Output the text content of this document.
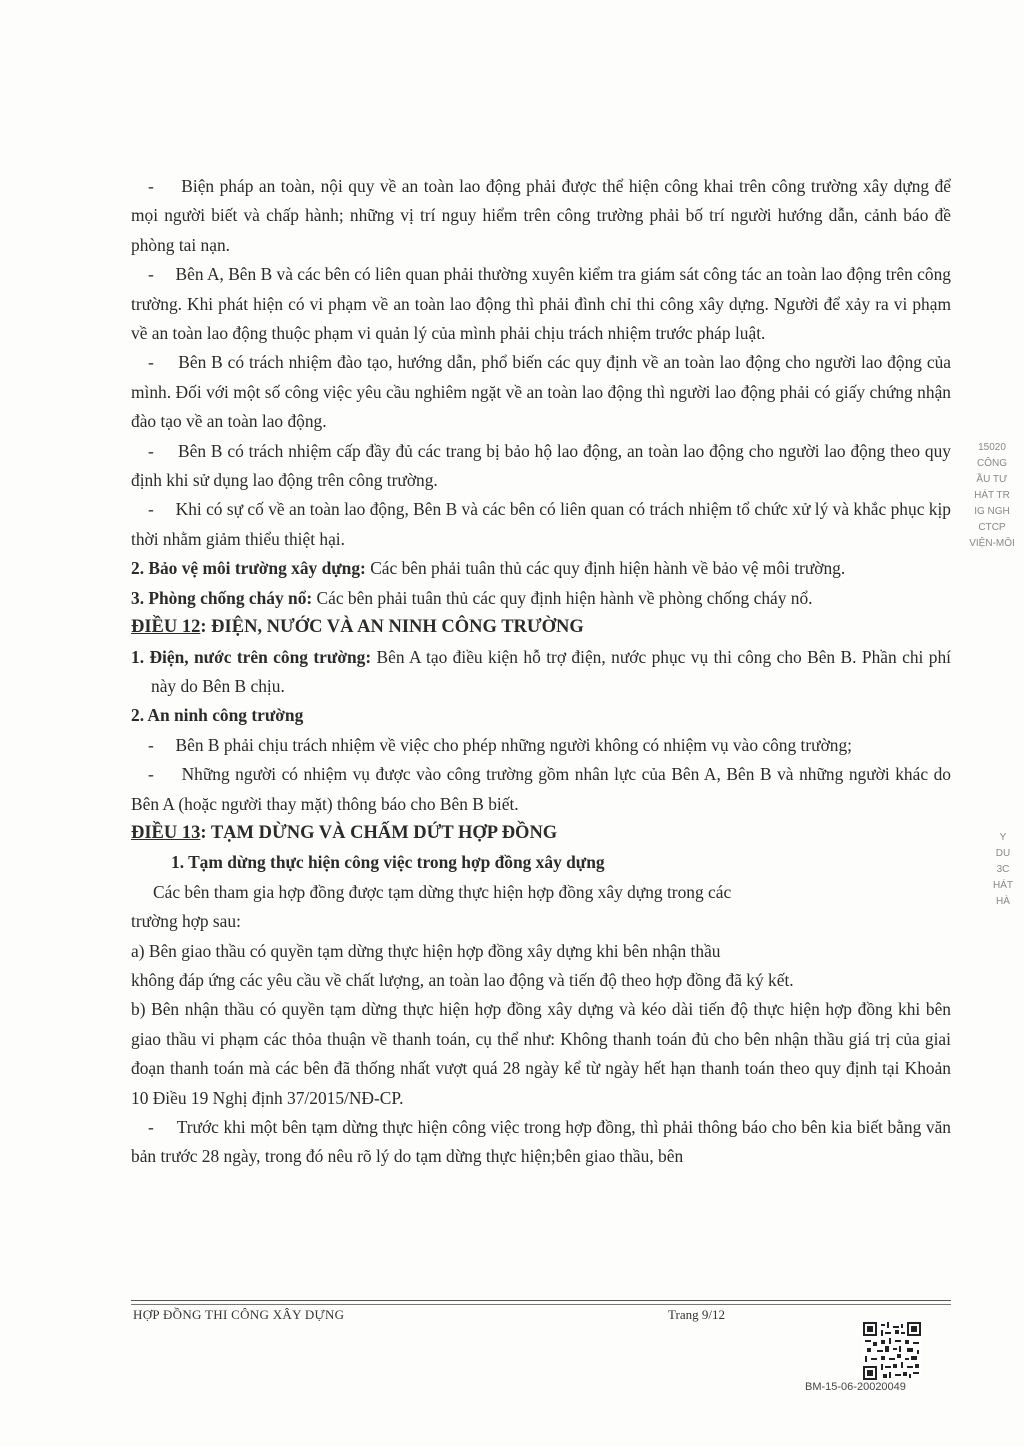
- Biện pháp an toàn, nội quy về an toàn lao động phải được thể hiện công khai trên công trường xây dựng để mọi người biết và chấp hành; những vị trí nguy hiểm trên công trường phải bố trí người hướng dẫn, cảnh báo đề phòng tai nạn.

- Bên A, Bên B và các bên có liên quan phải thường xuyên kiểm tra giám sát công tác an toàn lao động trên công trường. Khi phát hiện có vi phạm về an toàn lao động thì phải đình chỉ thi công xây dựng. Người để xảy ra vi phạm về an toàn lao động thuộc phạm vi quản lý của mình phải chịu trách nhiệm trước pháp luật.

- Bên B có trách nhiệm đào tạo, hướng dẫn, phổ biến các quy định về an toàn lao động cho người lao động của mình. Đối với một số công việc yêu cầu nghiêm ngặt về an toàn lao động thì người lao động phải có giấy chứng nhận đào tạo về an toàn lao động.

- Bên B có trách nhiệm cấp đầy đủ các trang bị bảo hộ lao động, an toàn lao động cho người lao động theo quy định khi sử dụng lao động trên công trường.

- Khi có sự cố về an toàn lao động, Bên B và các bên có liên quan có trách nhiệm tổ chức xử lý và khắc phục kịp thời nhằm giảm thiểu thiệt hại.

2. Bảo vệ môi trường xây dựng: Các bên phải tuân thủ các quy định hiện hành về bảo vệ môi trường.

3. Phòng chống cháy nổ: Các bên phải tuân thủ các quy định hiện hành về phòng chống cháy nổ.

ĐIỀU 12: ĐIỆN, NƯỚC VÀ AN NINH CÔNG TRƯỜNG

1. Điện, nước trên công trường: Bên A tạo điều kiện hỗ trợ điện, nước phục vụ thi công cho Bên B. Phần chi phí này do Bên B chịu.

2. An ninh công trường

- Bên B phải chịu trách nhiệm về việc cho phép những người không có nhiệm vụ vào công trường;

- Những người có nhiệm vụ được vào công trường gồm nhân lực của Bên A, Bên B và những người khác do Bên A (hoặc người thay mặt) thông báo cho Bên B biết.

ĐIỀU 13: TẠM DỪNG VÀ CHẤM DỨT HỢP ĐỒNG

1. Tạm dừng thực hiện công việc trong hợp đồng xây dựng

Các bên tham gia hợp đồng được tạm dừng thực hiện hợp đồng xây dựng trong các

trường hợp sau:

a) Bên giao thầu có quyền tạm dừng thực hiện hợp đồng xây dựng khi bên nhận thầu

không đáp ứng các yêu cầu về chất lượng, an toàn lao động và tiến độ theo hợp đồng đã ký kết.

b) Bên nhận thầu có quyền tạm dừng thực hiện hợp đồng xây dựng và kéo dài tiến độ thực hiện hợp đồng khi bên giao thầu vi phạm các thỏa thuận về thanh toán, cụ thể như: Không thanh toán đủ cho bên nhận thầu giá trị của giai đoạn thanh toán mà các bên đã thống nhất vượt quá 28 ngày kể từ ngày hết hạn thanh toán theo quy định tại Khoản 10 Điều 19 Nghị định 37/2015/NĐ-CP.

- Trước khi một bên tạm dừng thực hiện công việc trong hợp đồng, thì phải thông báo cho bên kia biết bằng văn bản trước 28 ngày, trong đó nêu rõ lý do tạm dừng thực hiện;bên giao thầu, bên

15020
CÔNG
ẦU TƯ
HÁT TR
IG NGH
CTCP
VIỆN-MÔI
Y
DU
3C
HÁT
HÀ
HỢP ĐỒNG THI CÔNG XÂY DỰNG	Trang 9/12
BM-15-06-20020049
